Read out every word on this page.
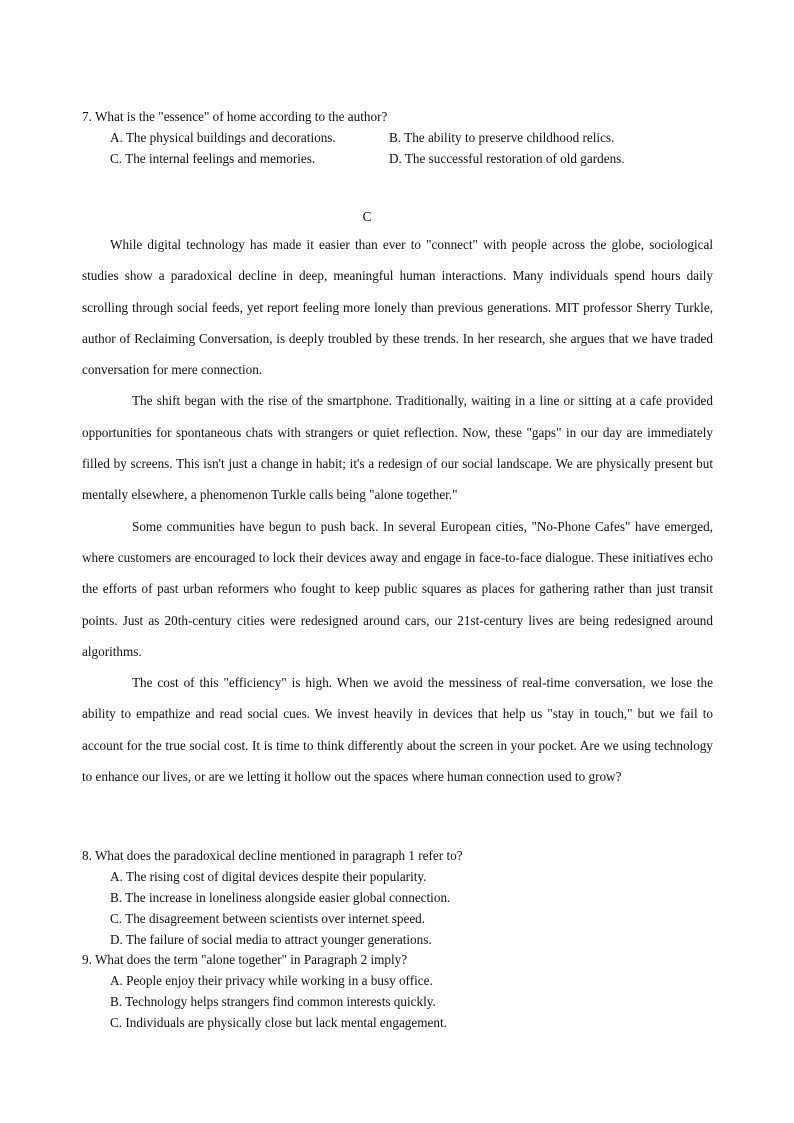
7. What is the "essence" of home according to the author?
A. The physical buildings and decorations.	B. The ability to preserve childhood relics.
C. The internal feelings and memories.	D. The successful restoration of old gardens.
C

While digital technology has made it easier than ever to "connect" with people across the globe, sociological studies show a paradoxical decline in deep, meaningful human interactions. Many individuals spend hours daily scrolling through social feeds, yet report feeling more lonely than previous generations. MIT professor Sherry Turkle, author of Reclaiming Conversation, is deeply troubled by these trends. In her research, she argues that we have traded conversation for mere connection.

The shift began with the rise of the smartphone. Traditionally, waiting in a line or sitting at a cafe provided opportunities for spontaneous chats with strangers or quiet reflection. Now, these "gaps" in our day are immediately filled by screens. This isn't just a change in habit; it's a redesign of our social landscape. We are physically present but mentally elsewhere, a phenomenon Turkle calls being "alone together."

Some communities have begun to push back. In several European cities, "No-Phone Cafes" have emerged, where customers are encouraged to lock their devices away and engage in face-to-face dialogue. These initiatives echo the efforts of past urban reformers who fought to keep public squares as places for gathering rather than just transit points. Just as 20th-century cities were redesigned around cars, our 21st-century lives are being redesigned around algorithms.

The cost of this "efficiency" is high. When we avoid the messiness of real-time conversation, we lose the ability to empathize and read social cues. We invest heavily in devices that help us "stay in touch," but we fail to account for the true social cost. It is time to think differently about the screen in your pocket. Are we using technology to enhance our lives, or are we letting it hollow out the spaces where human connection used to grow?

8. What does the paradoxical decline mentioned in paragraph 1 refer to?
A. The rising cost of digital devices despite their popularity.
B. The increase in loneliness alongside easier global connection.
C. The disagreement between scientists over internet speed.
D. The failure of social media to attract younger generations.
9. What does the term "alone together" in Paragraph 2 imply?
A. People enjoy their privacy while working in a busy office.
B. Technology helps strangers find common interests quickly.
C. Individuals are physically close but lack mental engagement.
